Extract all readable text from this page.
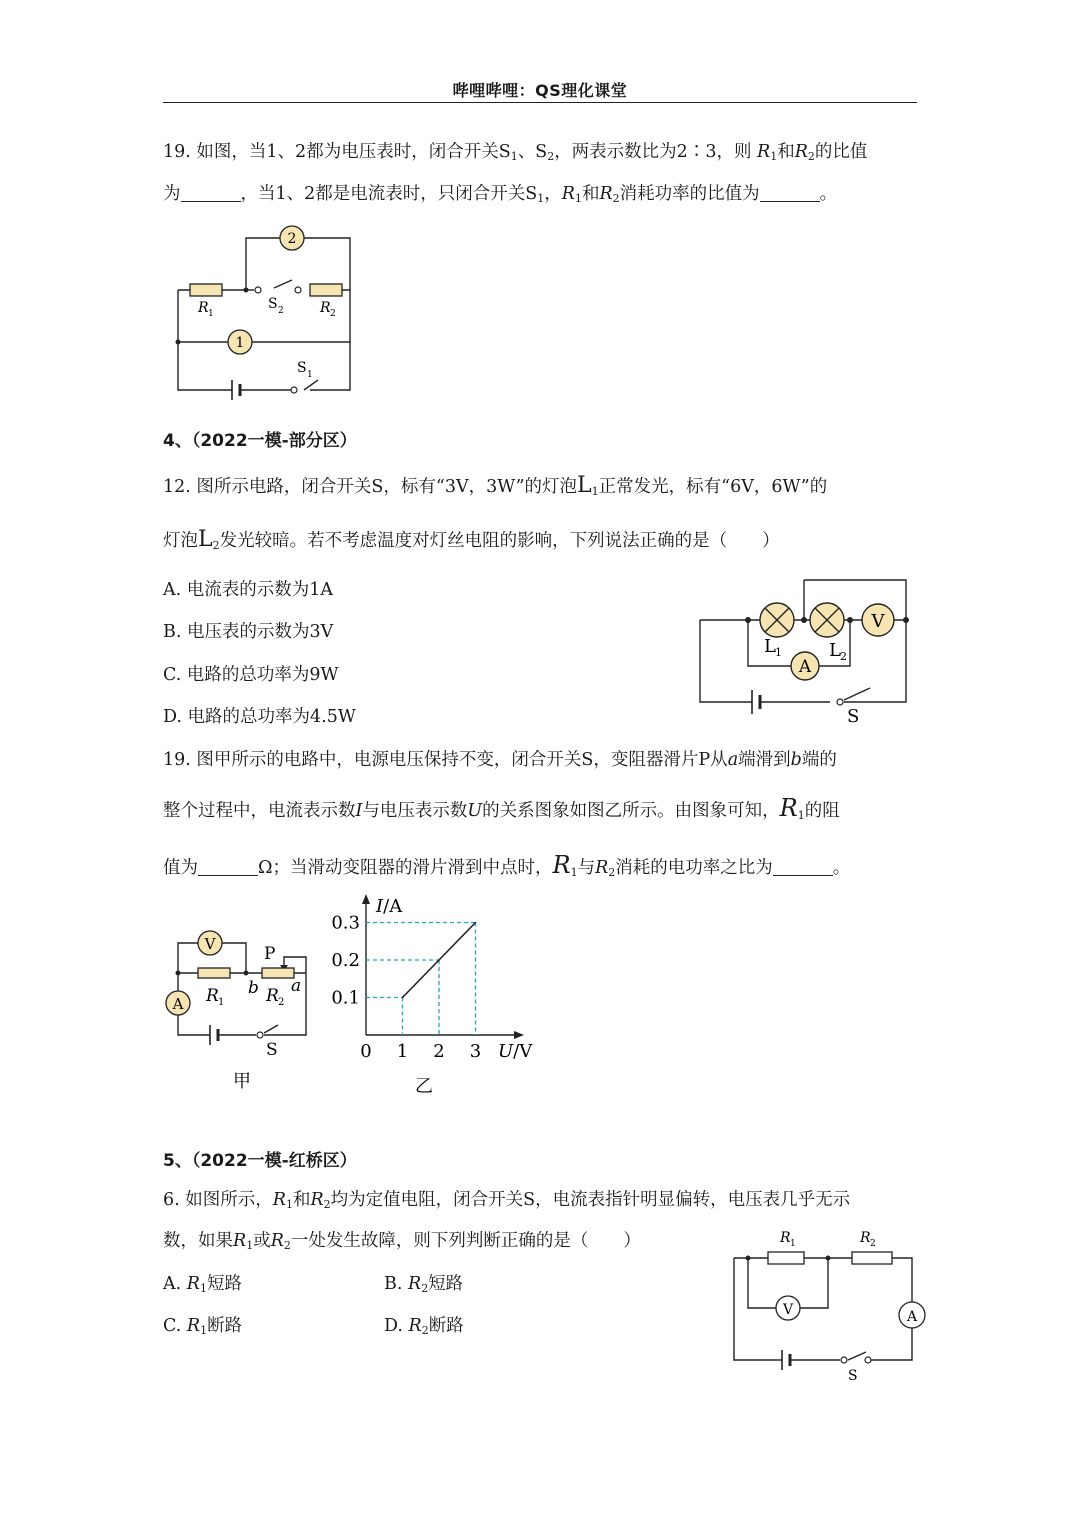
哔哩哔哩：QS理化课堂
19. 如图，当1、2都为电压表时，闭合开关$S_1$、$S_2$，两表示数比为2∶3，则 $R_1$和$R_2$的比值
为	，当1、2都是电流表时，只闭合开关$S_1$，$R_1$和$R_2$消耗功率的比值为	。
2
1
R 1	R 2
S 2
S 1
4、（2022一模-部分区）
12. 图所示电路，闭合开关S，标有“3V，3W”的灯泡$L_1$正常发光，标有“6V，6W”的
灯泡$L_2$发光较暗。若不考虑温度对灯丝电阻的影响，下列说法正确的是（　　）
A. 电流表的示数为1A
B. 电压表的示数为3V
C. 电路的总功率为9W
D. 电路的总功率为4.5W
V
A
L 1	L 2
S
19. 图甲所示的电路中，电源电压保持不变，闭合开关S，变阻器滑片P从a端滑到b端的
整个过程中，电流表示数I与电压表示数U的关系图象如图乙所示。由图象可知，$R_1$的阻
值为	Ω；当滑动变阻器的滑片滑到中点时，$R_1$与$R_2$消耗的电功率之比为	。
V
A
P
R 1
b R 2
a
S
甲
I/A
U/V
0 1 2 3
0.1
0.2
0.3
乙
5、（2022一模-红桥区）
6. 如图所示，$R_1$和$R_2$均为定值电阻，闭合开关S，电流表指针明显偏转，电压表几乎无示
数，如果$R_1$或$R_2$一处发生故障，则下列判断正确的是（　　）
A. $R_1$短路	B. $R_2$短路
C. $R_1$断路	D. $R_2$断路
V	A
R 1	R 2
S
